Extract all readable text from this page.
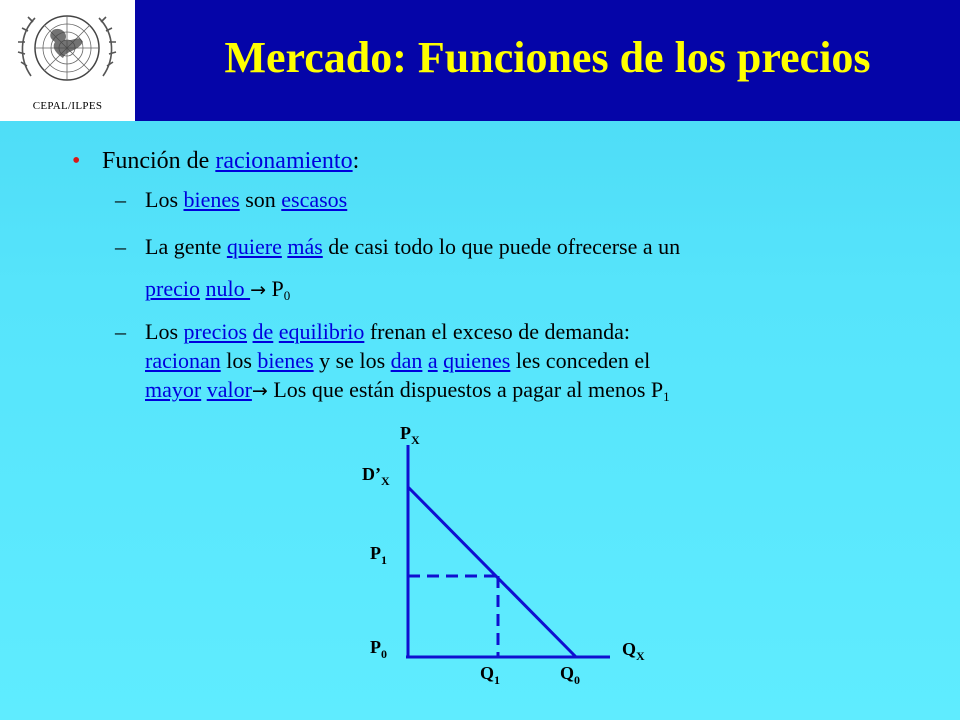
CEPAL/ILPES
Mercado: Funciones de los precios
• Función de racionamiento:
– Los bienes son escasos
– La gente quiere más de casi todo lo que puede ofrecerse a un
precio nulo → $P_0$
– Los precios de equilibrio frenan el exceso de demanda:
racionan los bienes y se los dan a quienes les conceden el
mayor valor→ Los que están dispuestos a pagar al menos $P_1$
$P_X$
$D’_X$
$P_1$
$P_0$	$Q_X$
$Q_1$	$Q_0$
